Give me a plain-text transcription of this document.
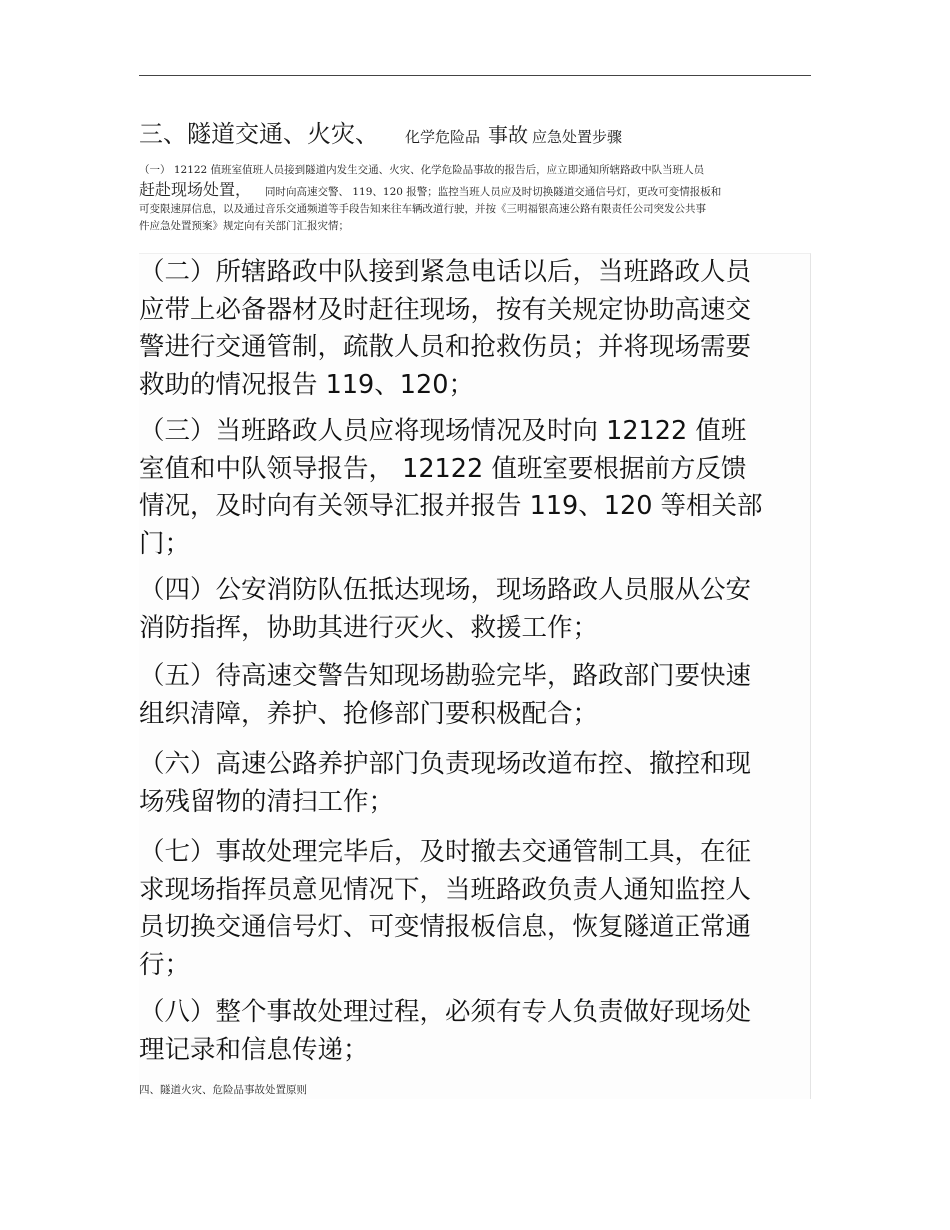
三、隧道交通、火灾、 化学危险品 事故 应急处置步骤
（一） 12122 值班室值班人员接到隧道内发生交通、火灾、化学危险品事故的报告后，应立即通知所辖路政中队当班人员
赶赴现场处置， 同时向高速交警、 119、120 报警；监控当班人员应及时切换隧道交通信号灯，更改可变情报板和
可变限速屏信息，以及通过音乐交通频道等手段告知来往车辆改道行驶，并按《三明福银高速公路有限责任公司突发公共事
件应急处置预案》规定向有关部门汇报灾情；
（二）所辖路政中队接到紧急电话以后，当班路政人员
应带上必备器材及时赶往现场，按有关规定协助高速交
警进行交通管制，疏散人员和抢救伤员；并将现场需要
救助的情况报告 119、120；
（三）当班路政人员应将现场情况及时向 12122 值班
室值和中队领导报告， 12122 值班室要根据前方反馈
情况，及时向有关领导汇报并报告 119、120 等相关部
门；
（四）公安消防队伍抵达现场，现场路政人员服从公安
消防指挥，协助其进行灭火、救援工作；
（五）待高速交警告知现场勘验完毕，路政部门要快速
组织清障，养护、抢修部门要积极配合；
（六）高速公路养护部门负责现场改道布控、撤控和现
场残留物的清扫工作；
（七）事故处理完毕后，及时撤去交通管制工具，在征
求现场指挥员意见情况下，当班路政负责人通知监控人
员切换交通信号灯、可变情报板信息，恢复隧道正常通
行；
（八）整个事故处理过程，必须有专人负责做好现场处
理记录和信息传递；
四、隧道火灾、危险品事故处置原则
